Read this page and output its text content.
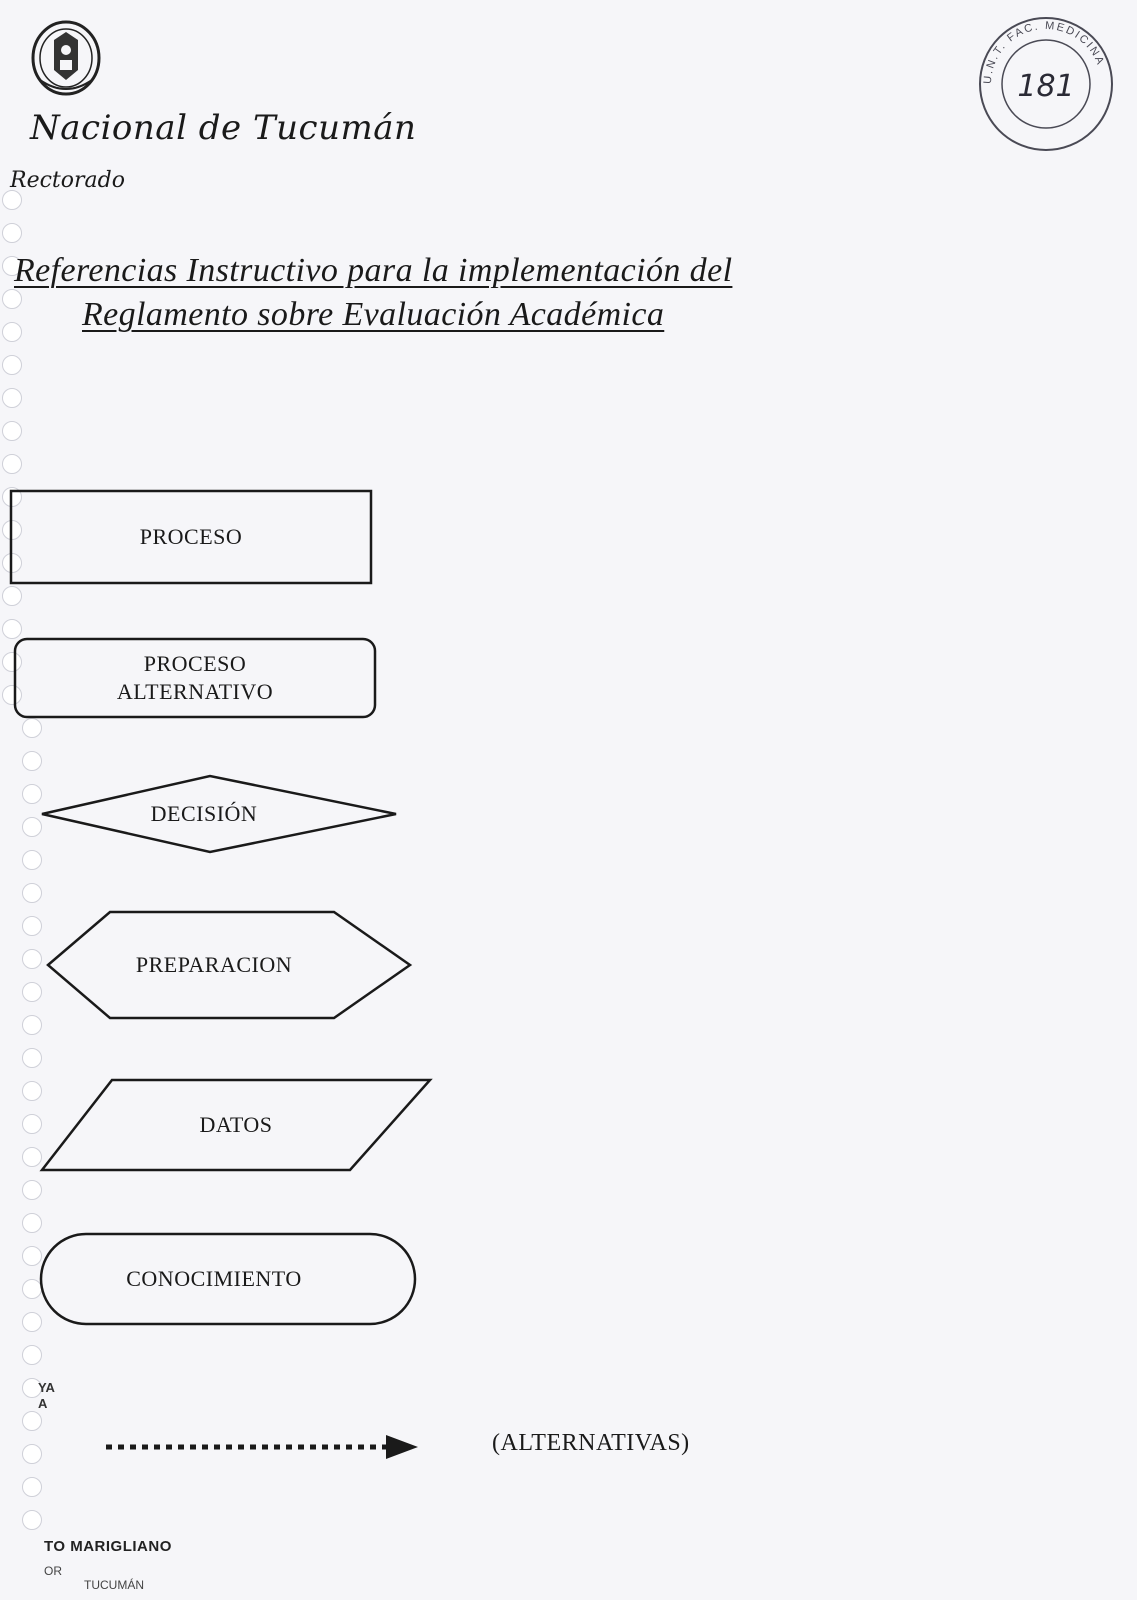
Nacional de Tucumán
Rectorado
U.N.T. FAC. MEDICINA
181
Referencias Instructivo para la implementación del
Reglamento sobre Evaluación Académica
PROCESO
PROCESO
ALTERNATIVO
DECISIÓN
PREPARACION
DATOS
CONOCIMIENTO
(ALTERNATIVAS)
YA
A
TO MARIGLIANO
OR
TUCUMÁN
